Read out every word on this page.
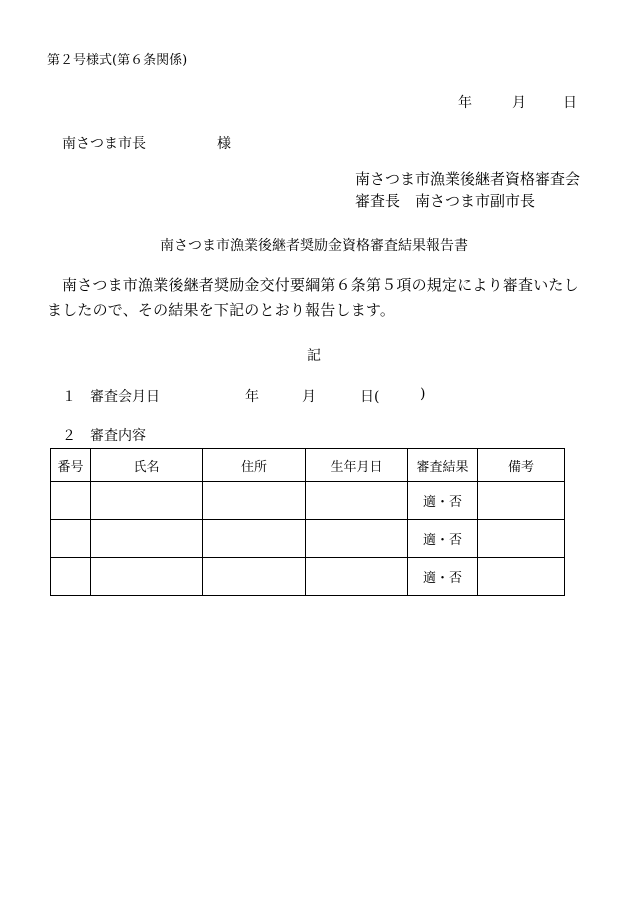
第２号様式(第６条関係)
年	月	日
南さつま市長	様
南さつま市漁業後継者資格審査会
審査長　南さつま市副市長
南さつま市漁業後継者奨励金資格審査結果報告書
南さつま市漁業後継者奨励金交付要綱第６条第５項の規定により審査いたしましたので、その結果を下記のとおり報告します。
記
１ 審査会月日	年	月	日(	)
２ 審査内容
番号	氏名	住所	生年月日	審査結果	備考
				適・否	
				適・否	
				適・否	
